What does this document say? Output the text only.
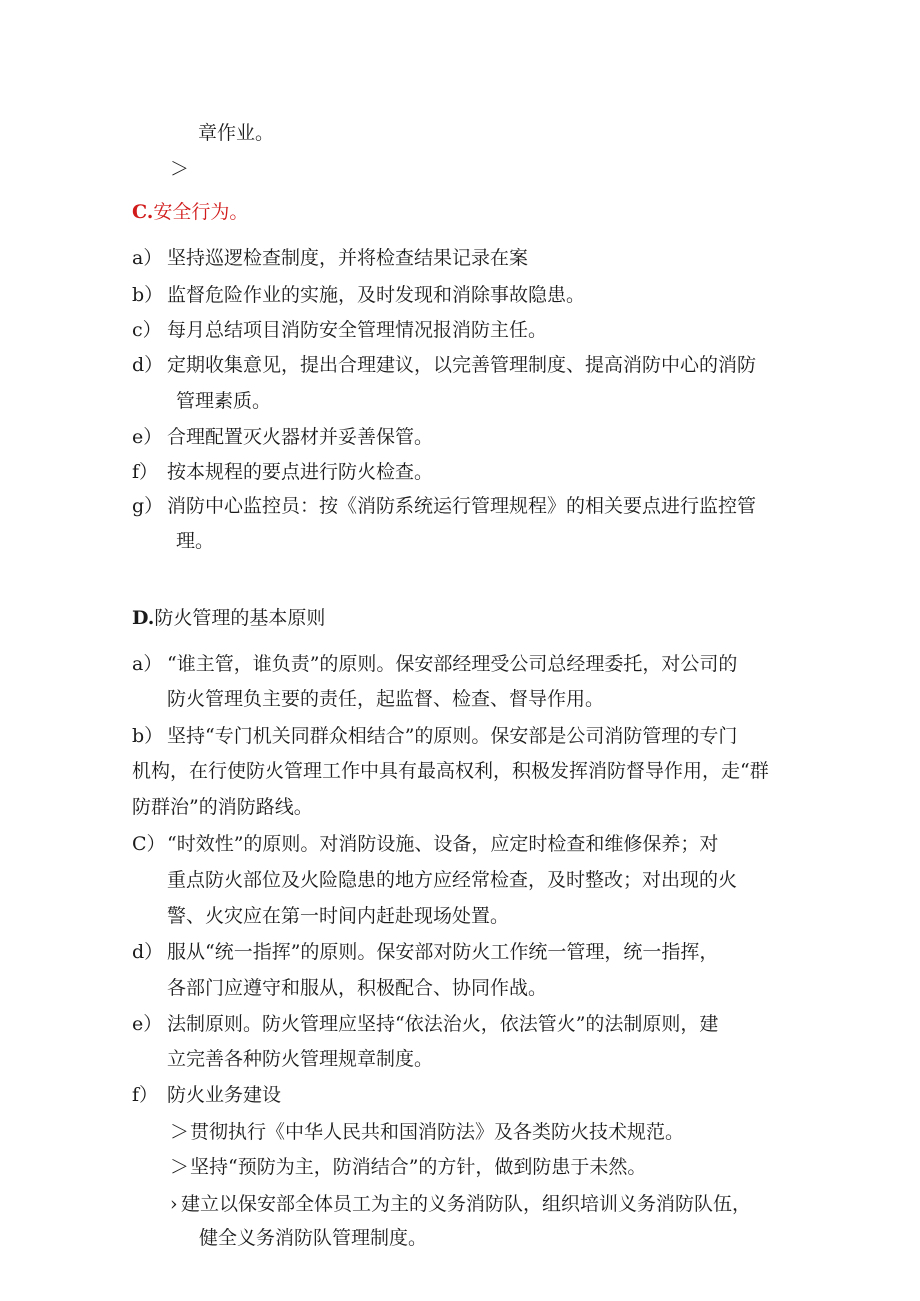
章作业。
＞
C.安全行为。
a） 坚持巡逻检查制度，并将检查结果记录在案
b） 监督危险作业的实施，及时发现和消除事故隐患。
c） 每月总结项目消防安全管理情况报消防主任。
d） 定期收集意见，提出合理建议，以完善管理制度、提高消防中心的消防
管理素质。
e） 合理配置灭火器材并妥善保管。
f） 按本规程的要点进行防火检查。
g） 消防中心监控员：按《消防系统运行管理规程》的相关要点进行监控管
理。
D.防火管理的基本原则
a） “谁主管，谁负责”的原则。保安部经理受公司总经理委托，对公司的
防火管理负主要的责任，起监督、检查、督导作用。
b） 坚持“专门机关同群众相结合”的原则。保安部是公司消防管理的专门
机构，在行使防火管理工作中具有最高权利，积极发挥消防督导作用，走“群
防群治”的消防路线。
C） “时效性”的原则。对消防设施、设备，应定时检查和维修保养；对
重点防火部位及火险隐患的地方应经常检查，及时整改；对出现的火
警、火灾应在第一时间内赶赴现场处置。
d） 服从“统一指挥”的原则。保安部对防火工作统一管理，统一指挥，
各部门应遵守和服从，积极配合、协同作战。
e） 法制原则。防火管理应坚持“依法治火，依法管火”的法制原则，建
立完善各种防火管理规章制度。
f） 防火业务建设
＞ 贯彻执行《中华人民共和国消防法》及各类防火技术规范。
＞ 坚持“预防为主，防消结合”的方针，做到防患于未然。
› 建立以保安部全体员工为主的义务消防队，组织培训义务消防队伍，
健全义务消防队管理制度。
